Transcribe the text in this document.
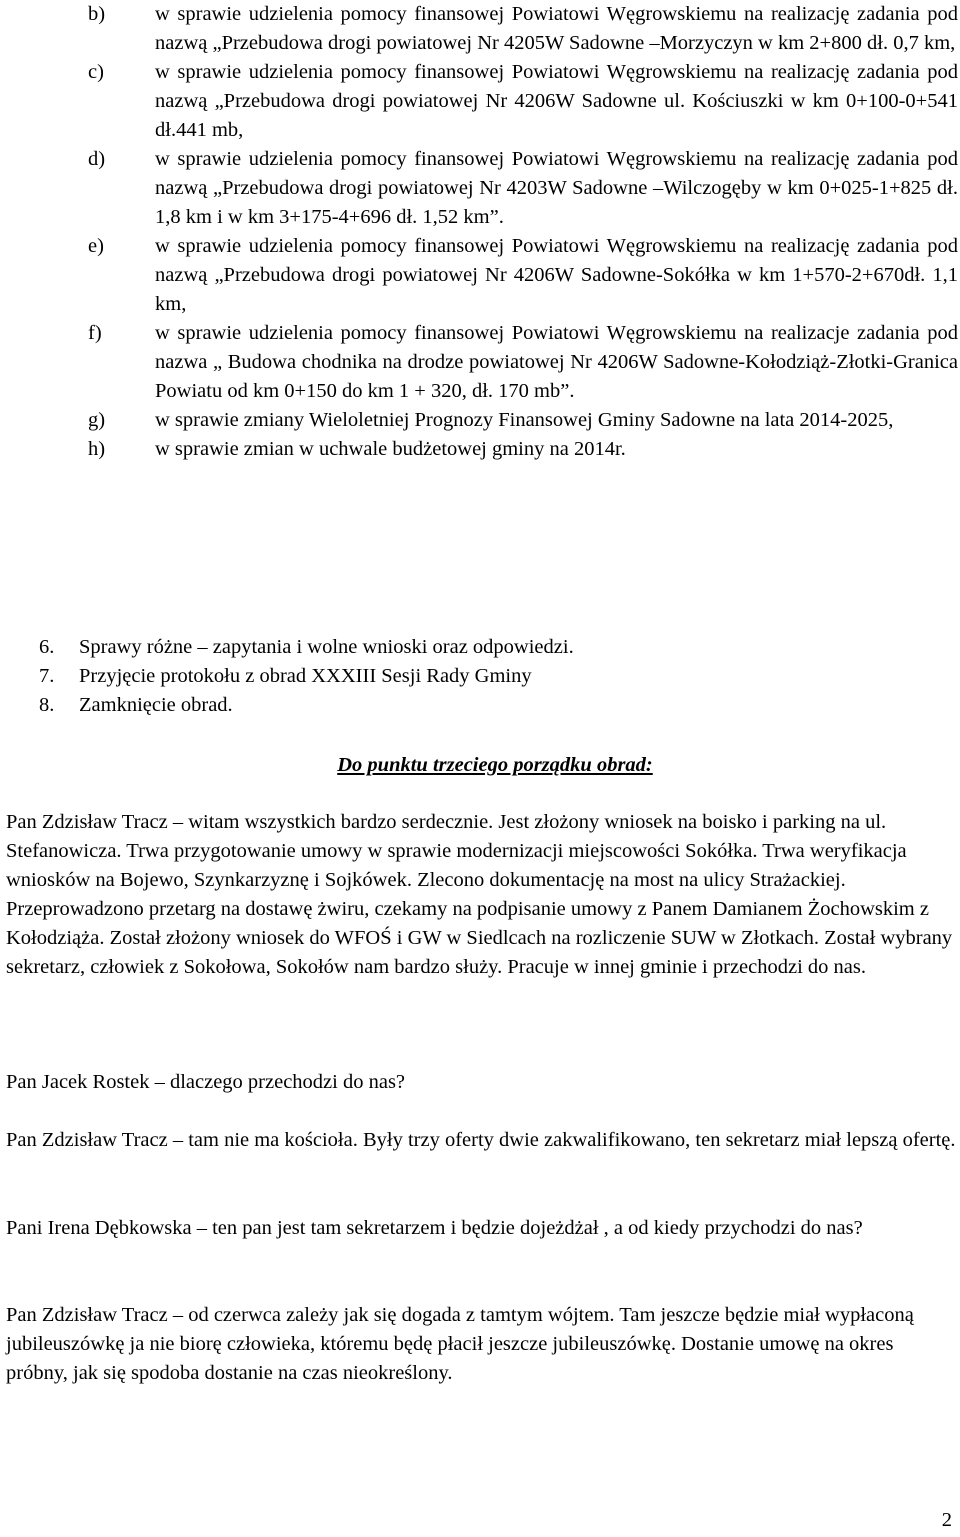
b) w sprawie udzielenia pomocy finansowej Powiatowi Węgrowskiemu na realizację zadania pod nazwą „Przebudowa drogi powiatowej Nr 4205W Sadowne –Morzyczyn w km 2+800 dł. 0,7 km,
c) w sprawie udzielenia pomocy finansowej Powiatowi Węgrowskiemu na realizację zadania pod nazwą „Przebudowa drogi powiatowej Nr 4206W Sadowne ul. Kościuszki w km 0+100-0+541 dł.441 mb,
d) w sprawie udzielenia pomocy finansowej Powiatowi Węgrowskiemu na realizację zadania pod nazwą „Przebudowa drogi powiatowej Nr 4203W Sadowne –Wilczogęby w km 0+025-1+825 dł. 1,8 km i w km 3+175-4+696 dł. 1,52 km”.
e) w sprawie udzielenia pomocy finansowej Powiatowi Węgrowskiemu na realizację zadania pod nazwą „Przebudowa drogi powiatowej Nr 4206W Sadowne-Sokółka w km 1+570-2+670dł. 1,1 km,
f)	w sprawie udzielenia pomocy finansowej Powiatowi Węgrowskiemu na realizacje zadania pod nazwa „ Budowa chodnika na drodze powiatowej Nr 4206W Sadowne-Kołodziąż-Złotki-Granica Powiatu od km 0+150 do km 1 + 320, dł. 170 mb”.
g) w sprawie zmiany Wieloletniej Prognozy Finansowej Gminy Sadowne na lata 2014-2025,
h) w sprawie zmian w uchwale budżetowej gminy na 2014r.
6. Sprawy różne – zapytania i wolne wnioski oraz odpowiedzi.
7. Przyjęcie protokołu z obrad XXXIII Sesji Rady Gminy
8. Zamknięcie obrad.
Do punktu trzeciego porządku obrad:

Pan Zdzisław Tracz – witam wszystkich bardzo serdecznie. Jest złożony wniosek na boisko i parking na ul. Stefanowicza. Trwa przygotowanie umowy w sprawie modernizacji miejscowości Sokółka. Trwa weryfikacja wniosków na Bojewo, Szynkarzyznę i Sojkówek. Zlecono dokumentację na most na ulicy Strażackiej. Przeprowadzono przetarg na dostawę żwiru, czekamy na podpisanie umowy z Panem Damianem Żochowskim z Kołodziąża. Został złożony wniosek do WFOŚ i GW w Siedlcach na rozliczenie SUW w Złotkach. Został wybrany sekretarz, człowiek z Sokołowa, Sokołów nam bardzo służy. Pracuje w innej gminie i przechodzi do nas.

Pan Jacek Rostek – dlaczego przechodzi do nas?

Pan Zdzisław Tracz – tam nie ma kościoła. Były trzy oferty dwie zakwalifikowano, ten sekretarz miał lepszą ofertę.

Pani Irena Dębkowska – ten pan jest tam sekretarzem i będzie dojeżdżał , a od kiedy przychodzi do nas?

Pan Zdzisław Tracz – od czerwca zależy jak się dogada z tamtym wójtem. Tam jeszcze będzie miał wypłaconą jubileuszówkę ja nie biorę człowieka, któremu będę płacił jeszcze jubileuszówkę. Dostanie umowę na okres próbny, jak się spodoba dostanie na czas nieokreślony.

2
